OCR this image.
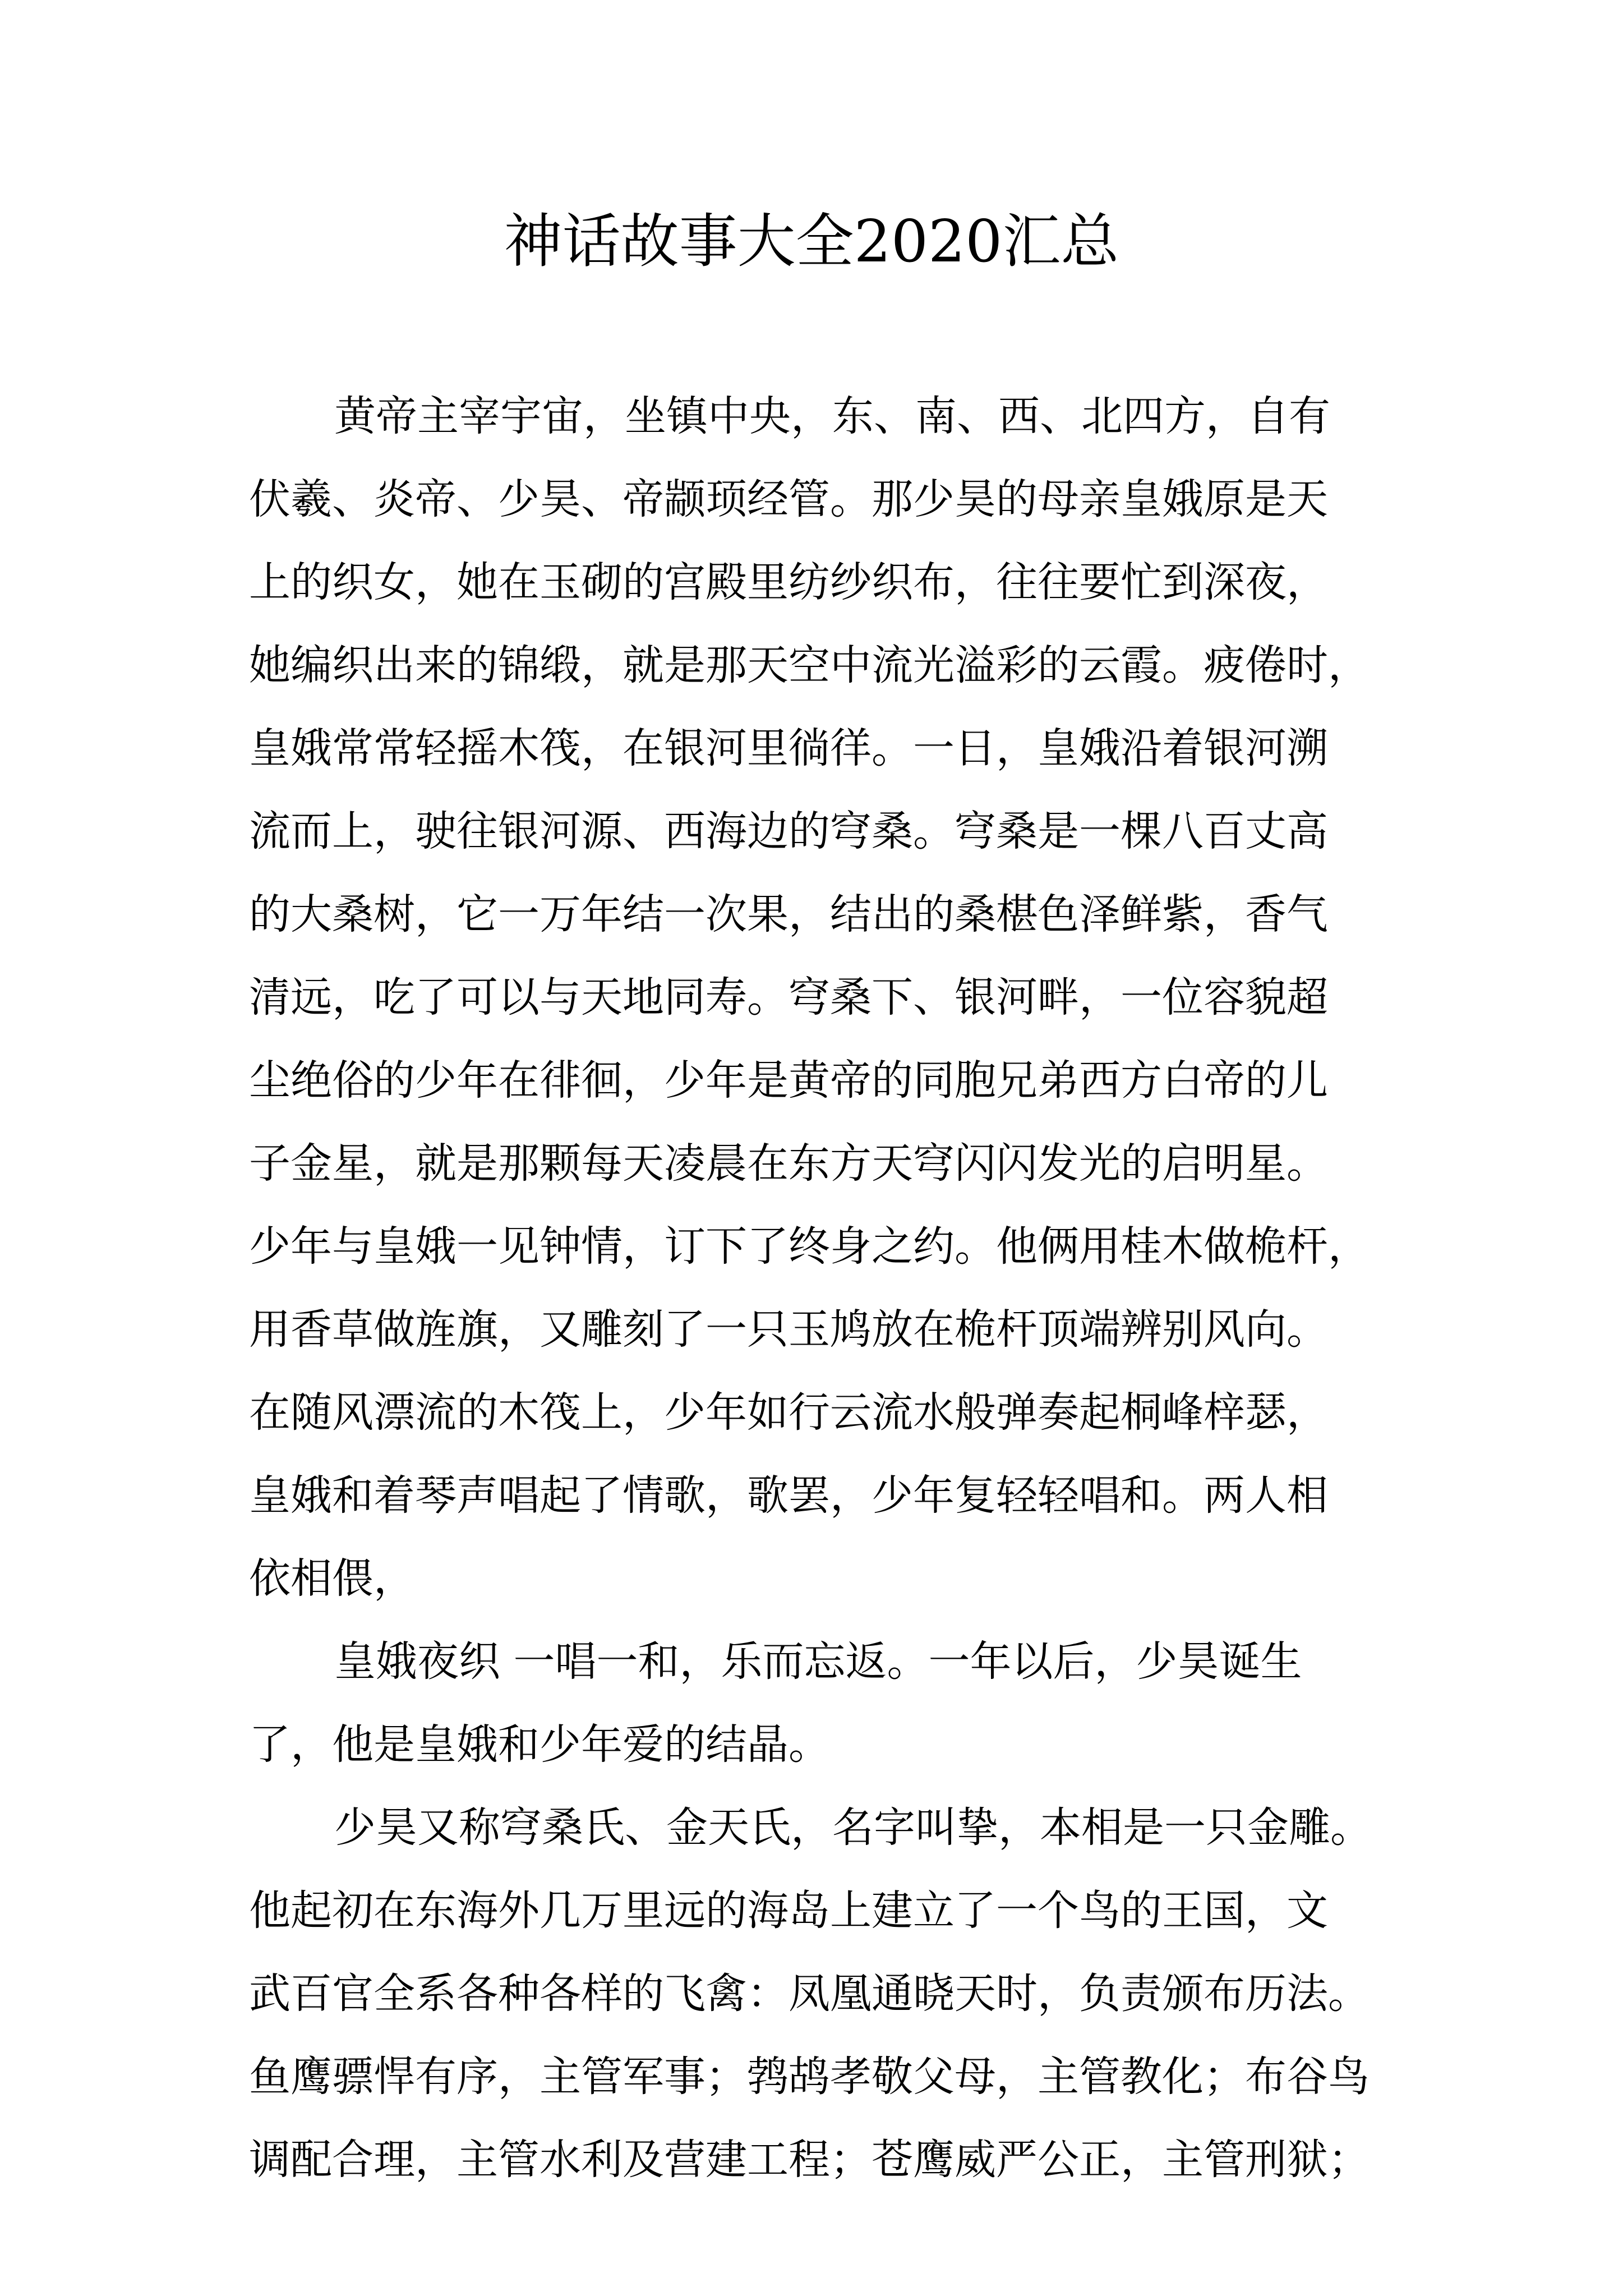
神话故事大全2020汇总

黄帝主宰宇宙，坐镇中央，东、南、西、北四方，自有
伏羲、炎帝、少昊、帝颛顼经管。那少昊的母亲皇娥原是天
上的织女，她在玉砌的宫殿里纺纱织布，往往要忙到深夜，
她编织出来的锦缎，就是那天空中流光溢彩的云霞。疲倦时，
皇娥常常轻摇木筏，在银河里徜徉。一日，皇娥沿着银河溯
流而上，驶往银河源、西海边的穹桑。穹桑是一棵八百丈高
的大桑树，它一万年结一次果，结出的桑椹色泽鲜紫，香气
清远，吃了可以与天地同寿。穹桑下、银河畔，一位容貌超
尘绝俗的少年在徘徊，少年是黄帝的同胞兄弟西方白帝的儿
子金星，就是那颗每天凌晨在东方天穹闪闪发光的启明星。
少年与皇娥一见钟情，订下了终身之约。他俩用桂木做桅杆，
用香草做旌旗，又雕刻了一只玉鸠放在桅杆顶端辨别风向。
在随风漂流的木筏上，少年如行云流水般弹奏起桐峰梓瑟，
皇娥和着琴声唱起了情歌，歌罢，少年复轻轻唱和。两人相
依相偎，

皇娥夜织 一唱一和，乐而忘返。一年以后，少昊诞生
了，他是皇娥和少年爱的结晶。

少昊又称穹桑氏、金天氏，名字叫挚，本相是一只金雕。
他起初在东海外几万里远的海岛上建立了一个鸟的王国，文
武百官全系各种各样的飞禽：凤凰通晓天时，负责颁布历法。
鱼鹰骠悍有序，主管军事；鹁鸪孝敬父母，主管教化；布谷鸟
调配合理，主管水利及营建工程；苍鹰威严公正，主管刑狱；
